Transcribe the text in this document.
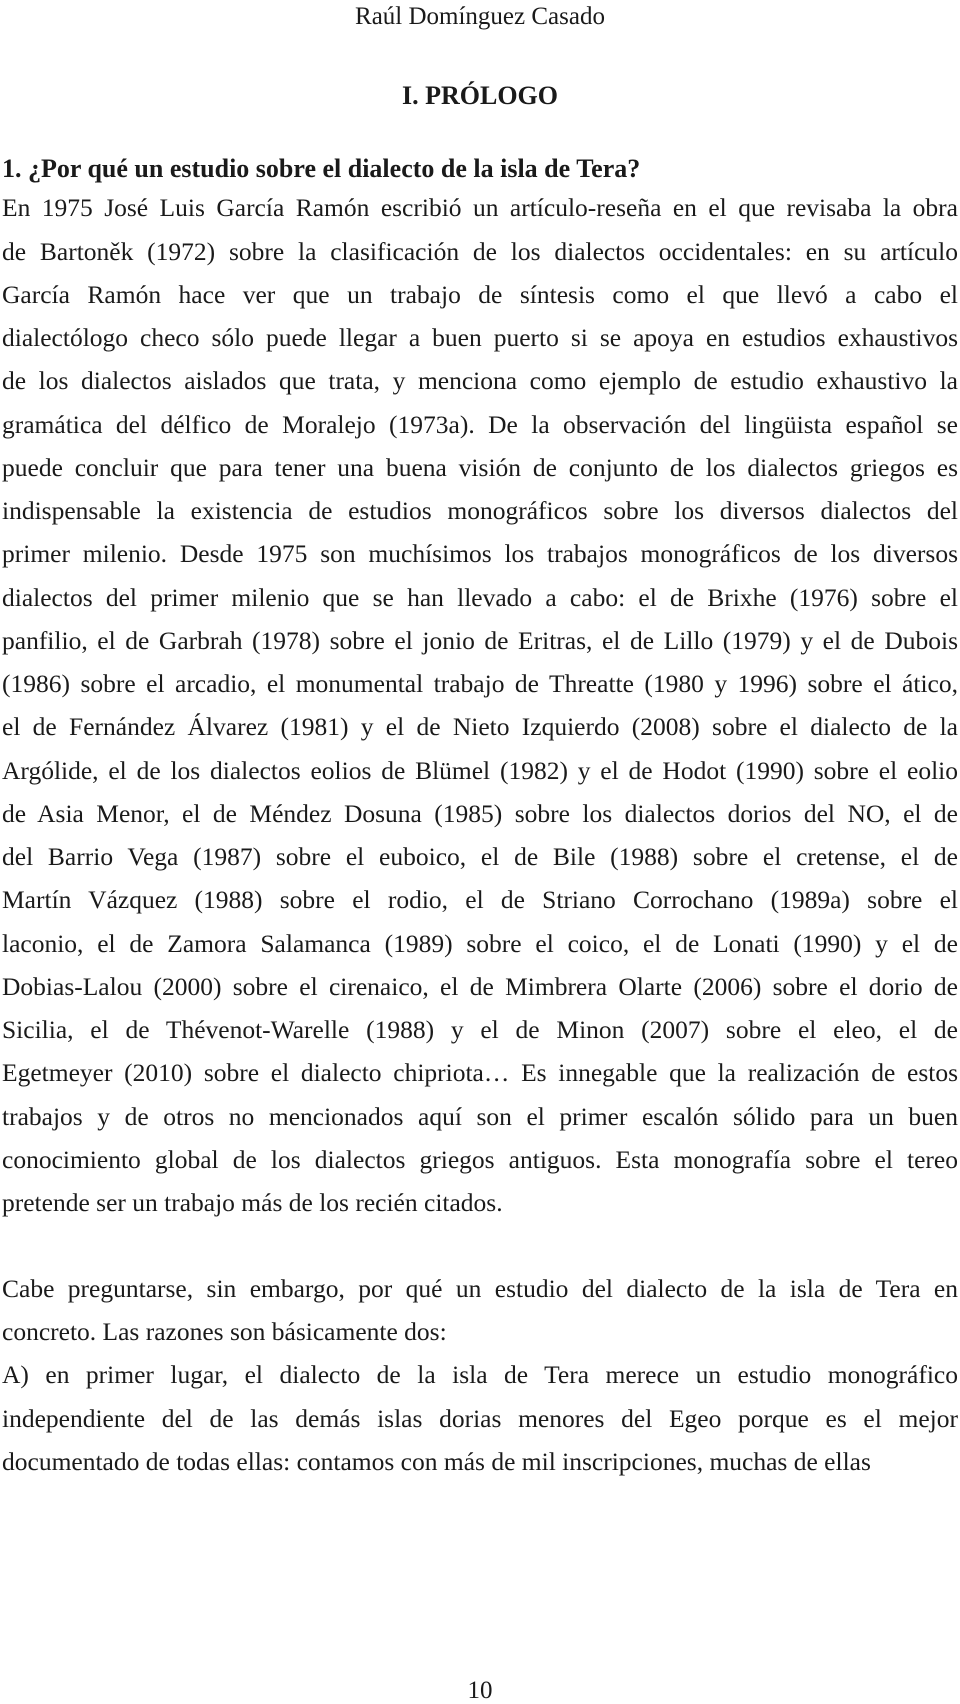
Raúl Domínguez Casado
I. PRÓLOGO
1. ¿Por qué un estudio sobre el dialecto de la isla de Tera?
En 1975 José Luis García Ramón escribió un artículo-reseña en el que revisaba la obra
de Bartoněk (1972) sobre la clasificación de los dialectos occidentales: en su artículo
García Ramón hace ver que un trabajo de síntesis como el que llevó a cabo el
dialectólogo checo sólo puede llegar a buen puerto si se apoya en estudios exhaustivos
de los dialectos aislados que trata, y menciona como ejemplo de estudio exhaustivo la
gramática del délfico de Moralejo (1973a). De la observación del lingüista español se
puede concluir que para tener una buena visión de conjunto de los dialectos griegos es
indispensable la existencia de estudios monográficos sobre los diversos dialectos del
primer milenio. Desde 1975 son muchísimos los trabajos monográficos de los diversos
dialectos del primer milenio que se han llevado a cabo: el de Brixhe (1976) sobre el
panfilio, el de Garbrah (1978) sobre el jonio de Eritras, el de Lillo (1979) y el de Dubois
(1986) sobre el arcadio, el monumental trabajo de Threatte (1980 y 1996) sobre el ático,
el de Fernández Álvarez (1981) y el de Nieto Izquierdo (2008) sobre el dialecto de la
Argólide, el de los dialectos eolios de Blümel (1982) y el de Hodot (1990) sobre el eolio
de Asia Menor, el de Méndez Dosuna (1985) sobre los dialectos dorios del NO, el de
del Barrio Vega (1987) sobre el euboico, el de Bile (1988) sobre el cretense, el de
Martín Vázquez (1988) sobre el rodio, el de Striano Corrochano (1989a) sobre el
laconio, el de Zamora Salamanca (1989) sobre el coico, el de Lonati (1990) y el de
Dobias-Lalou (2000) sobre el cirenaico, el de Mimbrera Olarte (2006) sobre el dorio de
Sicilia, el de Thévenot-Warelle (1988) y el de Minon (2007) sobre el eleo, el de
Egetmeyer (2010) sobre el dialecto chipriota… Es innegable que la realización de estos
trabajos y de otros no mencionados aquí son el primer escalón sólido para un buen
conocimiento global de los dialectos griegos antiguos. Esta monografía sobre el tereo
pretende ser un trabajo más de los recién citados.
Cabe preguntarse, sin embargo, por qué un estudio del dialecto de la isla de Tera en
concreto. Las razones son básicamente dos:
A) en primer lugar, el dialecto de la isla de Tera merece un estudio monográfico
independiente del de las demás islas dorias menores del Egeo porque es el mejor
documentado de todas ellas: contamos con más de mil inscripciones, muchas de ellas
10
